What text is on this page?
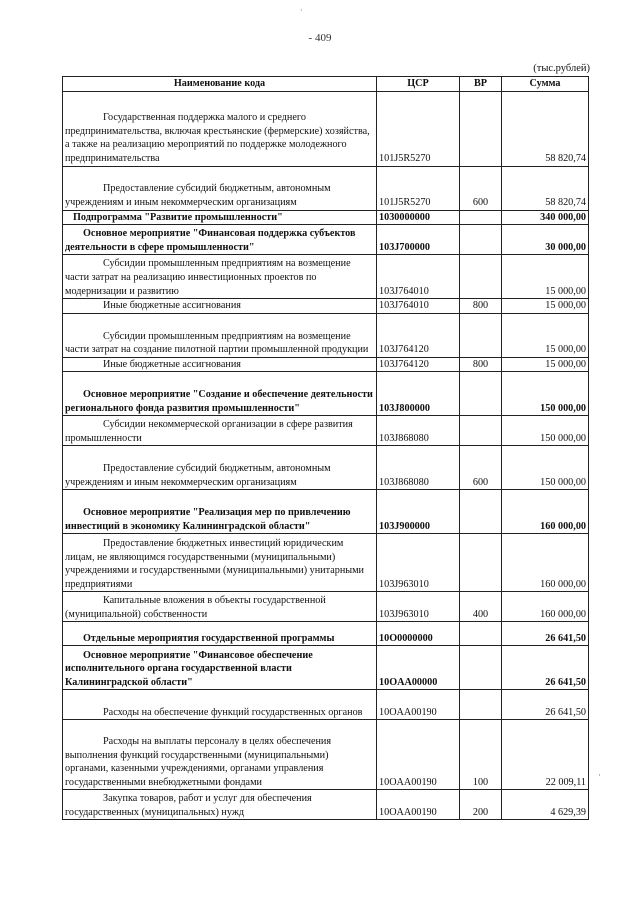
·
- 409
(тыс.рублей)
Наименование кода	ЦСР	ВР	Сумма
Государственная поддержка малого и среднего предпринимательства, включая крестьянские (фермерские) хозяйства, а также на реализацию мероприятий по поддержке молодежного предпринимательства	101J5R5270		58 820,74
Предоставление субсидий бюджетным, автономным учреждениям и иным некоммерческим организациям	101J5R5270	600	58 820,74
Подпрограмма "Развитие промышленности"	1030000000		340 000,00
Основное мероприятие "Финансовая поддержка субъектов деятельности в сфере промышленности"	103J700000		30 000,00
Субсидии промышленным предприятиям на возмещение части затрат на реализацию инвестиционных проектов по модернизации и развитию	103J764010		15 000,00
Иные бюджетные ассигнования	103J764010	800	15 000,00
Субсидии промышленным предприятиям на возмещение части затрат на создание пилотной партии промышленной продукции	103J764120		15 000,00
Иные бюджетные ассигнования	103J764120	800	15 000,00
Основное мероприятие "Создание и обеспечение деятельности регионального фонда развития промышленности"	103J800000		150 000,00
Субсидии некоммерческой организации в сфере развития промышленности	103J868080		150 000,00
Предоставление субсидий бюджетным, автономным учреждениям и иным некоммерческим организациям	103J868080	600	150 000,00
Основное мероприятие "Реализация мер по привлечению инвестиций в экономику Калининградской области"	103J900000		160 000,00
Предоставление бюджетных инвестиций юридическим лицам, не являющимся государственными (муниципальными) учреждениями и государственными (муниципальными) унитарными предприятиями	103J963010		160 000,00
Капитальные вложения в объекты государственной (муниципальной) собственности	103J963010	400	160 000,00
Отдельные мероприятия государственной программы	10O0000000		26 641,50
Основное мероприятие "Финансовое обеспечение исполнительного органа государственной власти Калининградской области"	10OAA00000		26 641,50
Расходы на обеспечение функций государственных органов	10OAA00190		26 641,50
Расходы на выплаты персоналу в целях обеспечения выполнения функций государственными (муниципальными) органами, казенными учреждениями, органами управления государственными внебюджетными фондами	10OAA00190	100	22 009,11
Закупка товаров, работ и услуг для обеспечения государственных (муниципальных) нужд	10OAA00190	200	4 629,39
·
